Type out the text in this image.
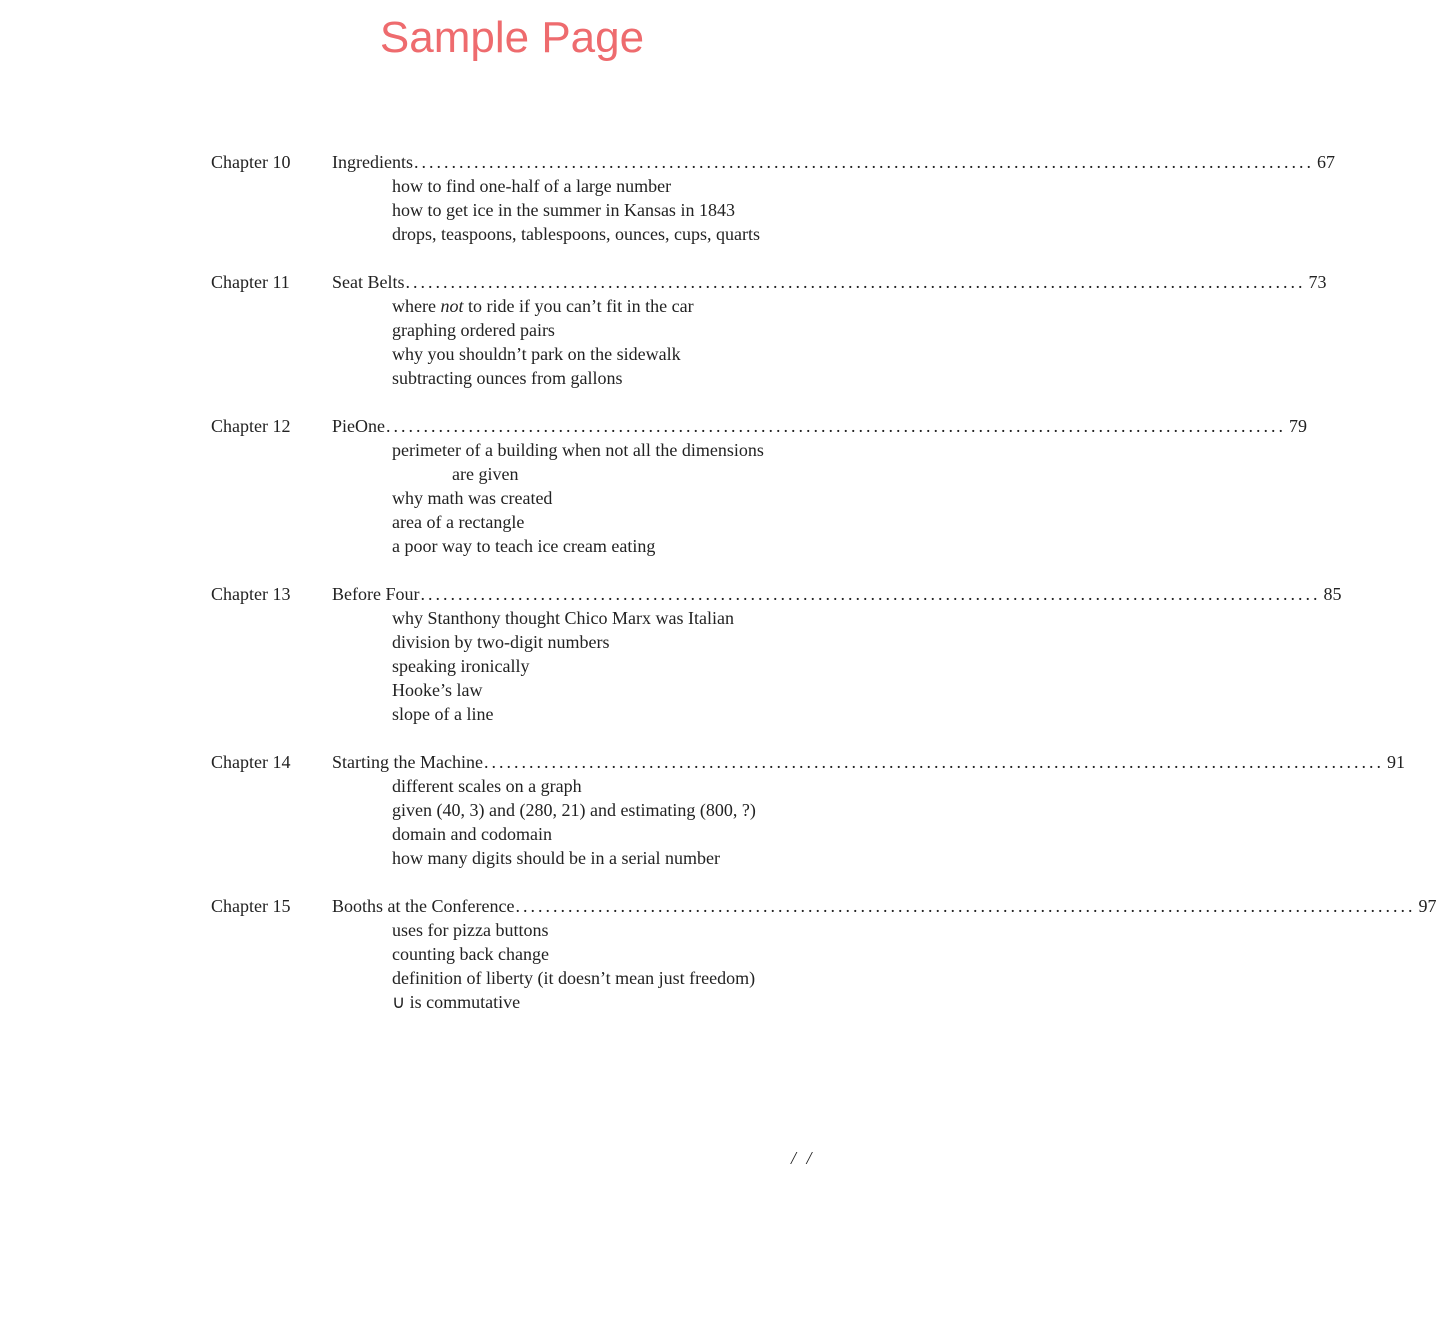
Sample Page
Chapter 10	Ingredients ........................................................................................................................ 67
how to find one-half of a large number
how to get ice in the summer in Kansas in 1843
drops, teaspoons, tablespoons, ounces, cups, quarts
Chapter 11	Seat Belts ........................................................................................................................ 73
where not to ride if you can’t fit in the car
graphing ordered pairs
why you shouldn’t park on the sidewalk
subtracting ounces from gallons
Chapter 12	PieOne ........................................................................................................................ 79
perimeter of a building when not all the dimensions
are given
why math was created
area of a rectangle
a poor way to teach ice cream eating
Chapter 13	Before Four ........................................................................................................................ 85
why Stanthony thought Chico Marx was Italian
division by two-digit numbers
speaking ironically
Hooke’s law
slope of a line
Chapter 14	Starting the Machine ........................................................................................................................ 91
different scales on a graph
given (40, 3) and (280, 21) and estimating (800, ?)
domain and codomain
how many digits should be in a serial number
Chapter 15	Booths at the Conference ........................................................................................................................ 97
uses for pizza buttons
counting back change
definition of liberty (it doesn’t mean just freedom)
∪ is commutative
/ /
